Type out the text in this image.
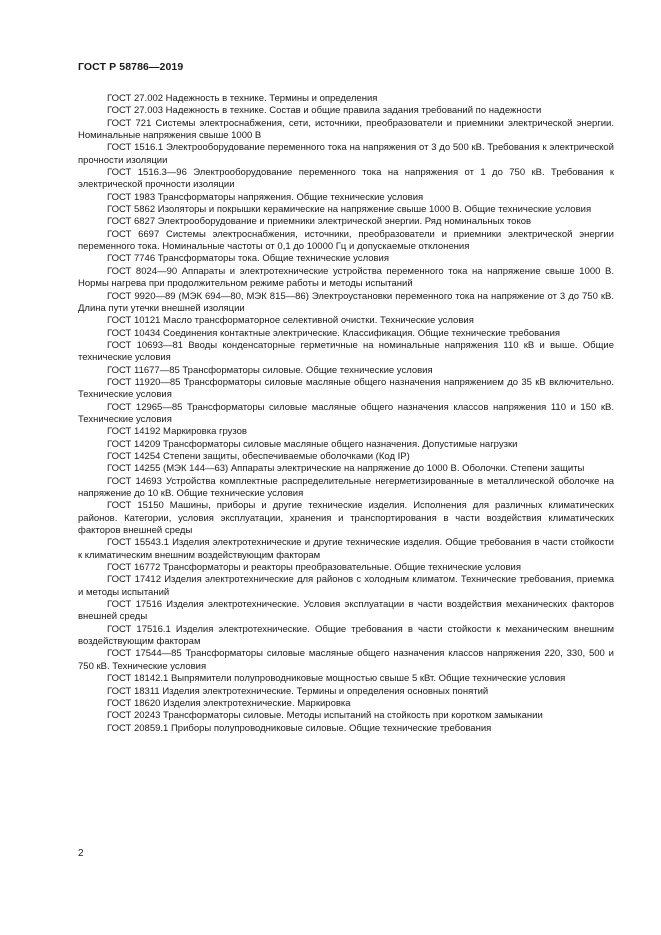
ГОСТ Р 58786—2019

ГОСТ 27.002 Надежность в технике. Термины и определения

ГОСТ 27.003 Надежность в технике. Состав и общие правила задания требований по надежности

ГОСТ 721 Системы электроснабжения, сети, источники, преобразователи и приемники электрической энергии. Номинальные напряжения свыше 1000 В

ГОСТ 1516.1 Электрооборудование переменного тока на напряжения от 3 до 500 кВ. Требования к электрической прочности изоляции

ГОСТ 1516.3—96 Электрооборудование переменного тока на напряжения от 1 до 750 кВ. Требования к электрической прочности изоляции

ГОСТ 1983 Трансформаторы напряжения. Общие технические условия

ГОСТ 5862 Изоляторы и покрышки керамические на напряжение свыше 1000 В. Общие технические условия

ГОСТ 6827 Электрооборудование и приемники электрической энергии. Ряд номинальных токов

ГОСТ 6697 Системы электроснабжения, источники, преобразователи и приемники электрической энергии переменного тока. Номинальные частоты от 0,1 до 10000 Гц и допускаемые отклонения

ГОСТ 7746 Трансформаторы тока. Общие технические условия

ГОСТ 8024—90 Аппараты и электротехнические устройства переменного тока на напряжение свыше 1000 В. Нормы нагрева при продолжительном режиме работы и методы испытаний

ГОСТ 9920—89 (МЭК 694—80, МЭК 815—86) Электроустановки переменного тока на напряжение от 3 до 750 кВ. Длина пути утечки внешней изоляции

ГОСТ 10121 Масло трансформаторное селективной очистки. Технические условия

ГОСТ 10434 Соединения контактные электрические. Классификация. Общие технические требования

ГОСТ 10693—81 Вводы конденсаторные герметичные на номинальные напряжения 110 кВ и выше. Общие технические условия

ГОСТ 11677—85 Трансформаторы силовые. Общие технические условия

ГОСТ 11920—85 Трансформаторы силовые масляные общего назначения напряжением до 35 кВ включительно. Технические условия

ГОСТ 12965—85 Трансформаторы силовые масляные общего назначения классов напряжения 110 и 150 кВ. Технические условия

ГОСТ 14192 Маркировка грузов

ГОСТ 14209 Трансформаторы силовые масляные общего назначения. Допустимые нагрузки

ГОСТ 14254 Степени защиты, обеспечиваемые оболочками (Код IP)

ГОСТ 14255 (МЭК 144—63) Аппараты электрические на напряжение до 1000 В. Оболочки. Степени защиты

ГОСТ 14693 Устройства комплектные распределительные негерметизированные в металлической оболочке на напряжение до 10 кВ. Общие технические условия

ГОСТ 15150 Машины, приборы и другие технические изделия. Исполнения для различных климатических районов. Категории, условия эксплуатации, хранения и транспортирования в части воздействия климатических факторов внешней среды

ГОСТ 15543.1 Изделия электротехнические и другие технические изделия. Общие требования в части стойкости к климатическим внешним воздействующим факторам

ГОСТ 16772 Трансформаторы и реакторы преобразовательные. Общие технические условия

ГОСТ 17412 Изделия электротехнические для районов с холодным климатом. Технические требования, приемка и методы испытаний

ГОСТ 17516 Изделия электротехнические. Условия эксплуатации в части воздействия механических факторов внешней среды

ГОСТ 17516.1 Изделия электротехнические. Общие требования в части стойкости к механическим внешним воздействующим факторам

ГОСТ 17544—85 Трансформаторы силовые масляные общего назначения классов напряжения 220, 330, 500 и 750 кВ. Технические условия

ГОСТ 18142.1 Выпрямители полупроводниковые мощностью свыше 5 кВт. Общие технические условия

ГОСТ 18311 Изделия электротехнические. Термины и определения основных понятий

ГОСТ 18620 Изделия электротехнические. Маркировка

ГОСТ 20243 Трансформаторы силовые. Методы испытаний на стойкость при коротком замыкании

ГОСТ 20859.1 Приборы полупроводниковые силовые. Общие технические требования

2
